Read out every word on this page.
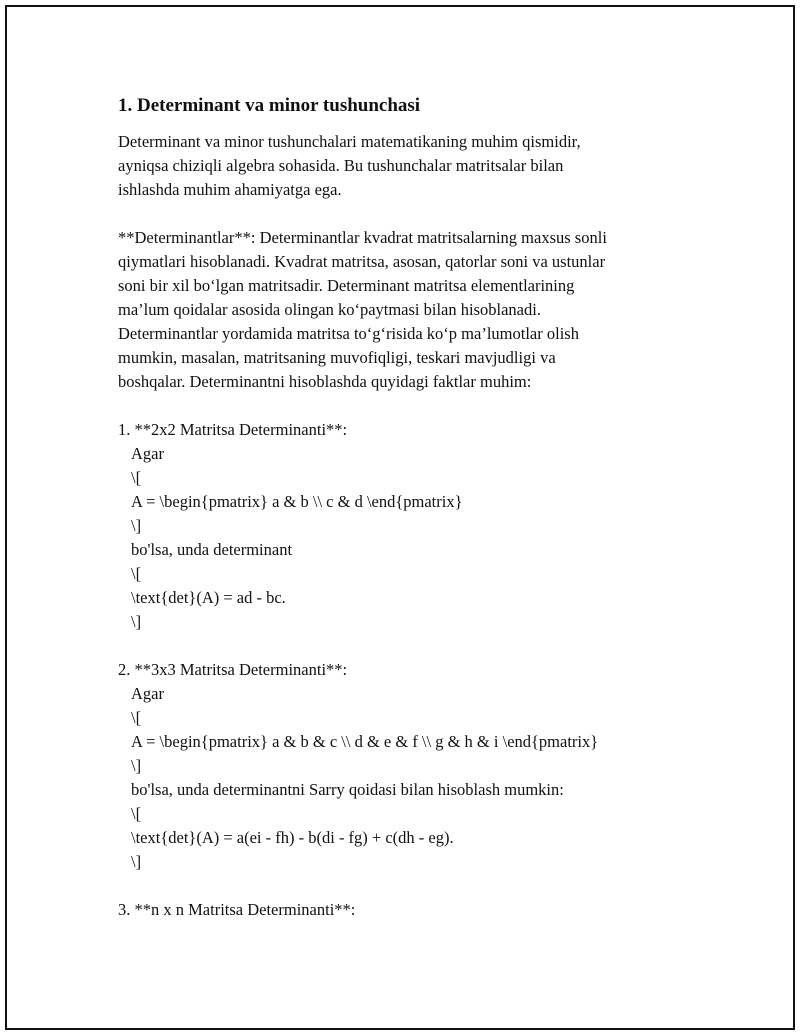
1. Determinant va minor tushunchasi
Determinant va minor tushunchalari matematikaning muhim qismidir,
ayniqsa chiziqli algebra sohasida. Bu tushunchalar matritsalar bilan
ishlashda muhim ahamiyatga ega.
**Determinantlar**: Determinantlar kvadrat matritsalarning maxsus sonli
qiymatlari hisoblanadi. Kvadrat matritsa, asosan, qatorlar soni va ustunlar
soni bir xil bo‘lgan matritsadir. Determinant matritsa elementlarining
ma’lum qoidalar asosida olingan ko‘paytmasi bilan hisoblanadi.
Determinantlar yordamida matritsa to‘g‘risida ko‘p ma’lumotlar olish
mumkin, masalan, matritsaning muvofiqligi, teskari mavjudligi va
boshqalar. Determinantni hisoblashda quyidagi faktlar muhim:
1. **2x2 Matritsa Determinanti**:
Agar
\[
A = \begin{pmatrix} a & b \\ c & d \end{pmatrix}
\]
bo'lsa, unda determinant
\[
\text{det}(A) = ad - bc.
\]
2. **3x3 Matritsa Determinanti**:
Agar
\[
A = \begin{pmatrix} a & b & c \\ d & e & f \\ g & h & i \end{pmatrix}
\]
bo'lsa, unda determinantni Sarry qoidasi bilan hisoblash mumkin:
\[
\text{det}(A) = a(ei - fh) - b(di - fg) + c(dh - eg).
\]
3. **n x n Matritsa Determinanti**:
